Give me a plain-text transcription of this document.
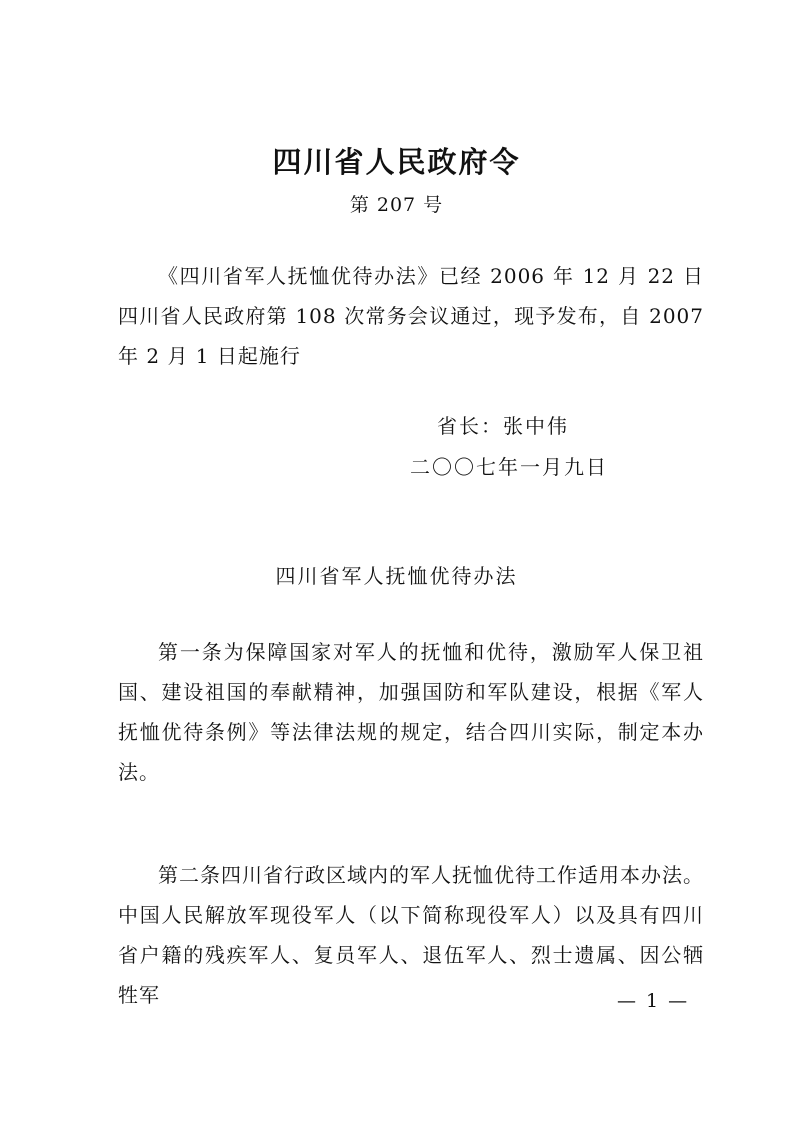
四川省人民政府令
第 207 号

《四川省军人抚恤优待办法》已经 2006 年 12 月 22 日四川省人民政府第 108 次常务会议通过，现予发布，自 2007 年 2 月 1 日起施行

省长：张中伟
二〇〇七年一月九日
四川省军人抚恤优待办法

第一条为保障国家对军人的抚恤和优待，激励军人保卫祖国、建设祖国的奉献精神，加强国防和军队建设，根据《军人抚恤优待条例》等法律法规的规定，结合四川实际，制定本办法。

第二条四川省行政区域内的军人抚恤优待工作适用本办法。中国人民解放军现役军人（以下简称现役军人）以及具有四川省户籍的残疾军人、复员军人、退伍军人、烈士遗属、因公牺牲军	— 1 —
